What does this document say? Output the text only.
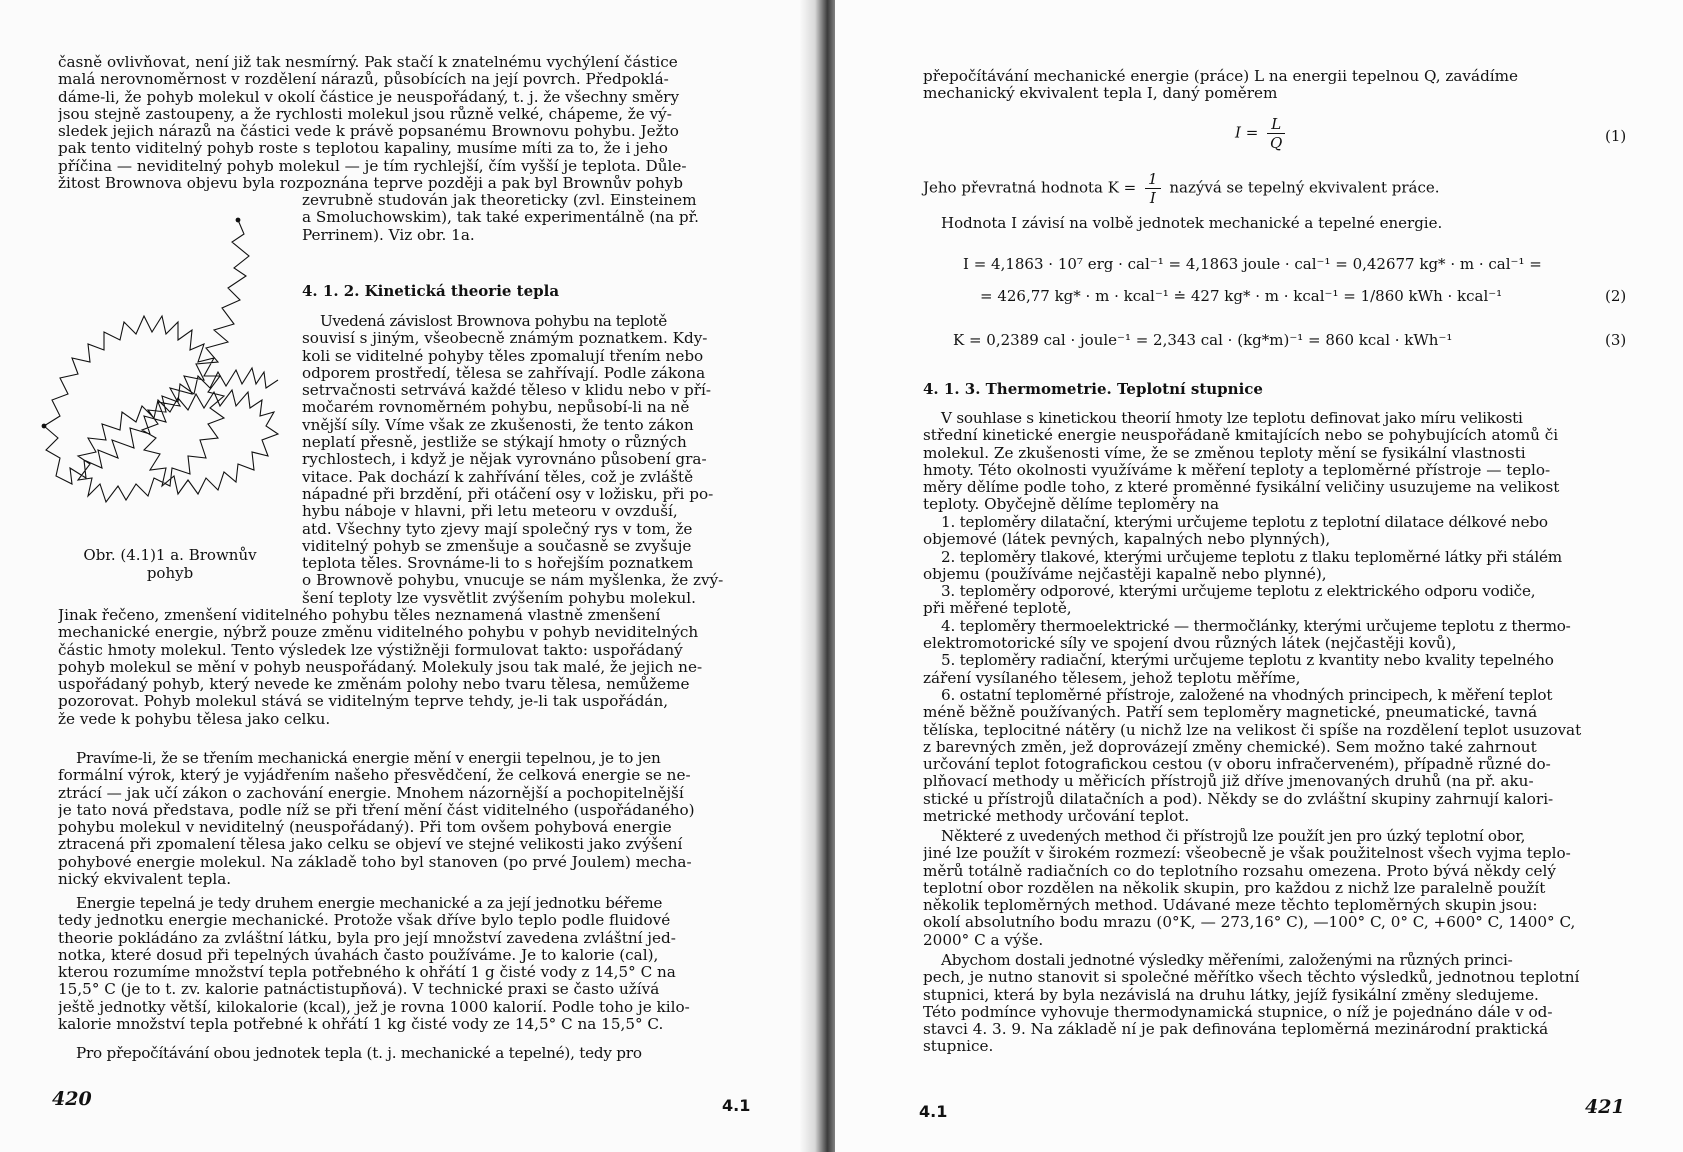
časně ovlivňovat, není již tak nesmírný. Pak stačí k znatelnému vychýlení částice
malá nerovnoměrnost v rozdělení nárazů, působících na její povrch. Předpoklá-
dáme-li, že pohyb molekul v okolí částice je neuspořádaný, t. j. že všechny směry
jsou stejně zastoupeny, a že rychlosti molekul jsou různě velké, chápeme, že vý-
sledek jejich nárazů na částici vede k právě popsanému Brownovu pohybu. Ježto
pak tento viditelný pohyb roste s teplotou kapaliny, musíme míti za to, že i jeho
příčina — neviditelný pohyb molekul — je tím rychlejší, čím vyšší je teplota. Důle-
žitost Brownova objevu byla rozpoznána teprve později a pak byl Brownův pohyb
zevrubně studován jak theoreticky (zvl. Einsteinem
a Smoluchowskim), tak také experimentálně (na př.
Perrinem). Viz obr. 1a.
Obr. (4.1)1 a. Brownův
pohyb
4. 1. 2. Kinetická theorie tepla
Uvedená závislost Brownova pohybu na teplotě
souvisí s jiným, všeobecně známým poznatkem. Kdy-
koli se viditelné pohyby těles zpomalují třením nebo
odporem prostředí, tělesa se zahřívají. Podle zákona
setrvačnosti setrvává každé těleso v klidu nebo v pří-
močarém rovnoměrném pohybu, nepůsobí-li na ně
vnější síly. Víme však ze zkušenosti, že tento zákon
neplatí přesně, jestliže se stýkají hmoty o různých
rychlostech, i když je nějak vyrovnáno působení gra-
vitace. Pak dochází k zahřívání těles, což je zvláště
nápadné při brzdění, při otáčení osy v ložisku, při po-
hybu náboje v hlavni, při letu meteoru v ovzduší,
atd. Všechny tyto zjevy mají společný rys v tom, že
viditelný pohyb se zmenšuje a současně se zvyšuje
teplota těles. Srovnáme-li to s hořejším poznatkem
o Brownově pohybu, vnucuje se nám myšlenka, že zvý-
šení teploty lze vysvětlit zvýšením pohybu molekul.
Jinak řečeno, zmenšení viditelného pohybu těles neznamená vlastně zmenšení
mechanické energie, nýbrž pouze změnu viditelného pohybu v pohyb neviditelných
částic hmoty molekul. Tento výsledek lze výstižněji formulovat takto: uspořádaný
pohyb molekul se mění v pohyb neuspořádaný. Molekuly jsou tak malé, že jejich ne-
uspořádaný pohyb, který nevede ke změnám polohy nebo tvaru tělesa, nemůžeme
pozorovat. Pohyb molekul stává se viditelným teprve tehdy, je-li tak uspořádán,
že vede k pohybu tělesa jako celku.
Pravíme-li, že se třením mechanická energie mění v energii tepelnou, je to jen
formální výrok, který je vyjádřením našeho přesvědčení, že celková energie se ne-
ztrácí — jak učí zákon o zachování energie. Mnohem názornější a pochopitelnější
je tato nová představa, podle níž se při tření mění část viditelného (uspořádaného)
pohybu molekul v neviditelný (neuspořádaný). Při tom ovšem pohybová energie
ztracená při zpomalení tělesa jako celku se objeví ve stejné velikosti jako zvýšení
pohybové energie molekul. Na základě toho byl stanoven (po prvé Joulem) mecha-
nický ekvivalent tepla.
Energie tepelná je tedy druhem energie mechanické a za její jednotku béřeme
tedy jednotku energie mechanické. Protože však dříve bylo teplo podle fluidové
theorie pokládáno za zvláštní látku, byla pro její množství zavedena zvláštní jed-
notka, které dosud při tepelných úvahách často používáme. Je to kalorie (cal),
kterou rozumíme množství tepla potřebného k ohřátí 1 g čisté vody z 14,5° C na
15,5° C (je to t. zv. kalorie patnáctistupňová). V technické praxi se často užívá
ještě jednotky větší, kilokalorie (kcal), jež je rovna 1000 kalorií. Podle toho je kilo-
kalorie množství tepla potřebné k ohřátí 1 kg čisté vody ze 14,5° C na 15,5° C.
Pro přepočítávání obou jednotek tepla (t. j. mechanické a tepelné), tedy pro
420	4.1
přepočítávání mechanické energie (práce) L na energii tepelnou Q, zavádíme
mechanický ekvivalent tepla I, daný poměrem
$I = \frac{L}{Q}$	(1)
Jeho převratná hodnota $K = \frac{1}{I}$ nazývá se tepelný ekvivalent práce.
Hodnota I závisí na volbě jednotek mechanické a tepelné energie.
I = 4,1863 · 10⁷ erg · cal⁻¹ = 4,1863 joule · cal⁻¹ = 0,42677 kg* · m · cal⁻¹ =
= 426,77 kg* · m · kcal⁻¹ ≐ 427 kg* · m · kcal⁻¹ = 1/860 kWh · kcal⁻¹	(2)
K = 0,2389 cal · joule⁻¹ = 2,343 cal · (kg*m)⁻¹ = 860 kcal · kWh⁻¹	(3)
4. 1. 3. Thermometrie. Teplotní stupnice
V souhlase s kinetickou theorií hmoty lze teplotu definovat jako míru velikosti
střední kinetické energie neuspořádaně kmitajících nebo se pohybujících atomů či
molekul. Ze zkušenosti víme, že se změnou teploty mění se fysikální vlastnosti
hmoty. Této okolnosti využíváme k měření teploty a teploměrné přístroje — teplo-
měry dělíme podle toho, z které proměnné fysikální veličiny usuzujeme na velikost
teploty. Obyčejně dělíme teploměry na
1. teploměry dilatační, kterými určujeme teplotu z teplotní dilatace délkové nebo
objemové (látek pevných, kapalných nebo plynných),
2. teploměry tlakové, kterými určujeme teplotu z tlaku teploměrné látky při stálém
objemu (používáme nejčastěji kapalně nebo plynné),
3. teploměry odporové, kterými určujeme teplotu z elektrického odporu vodiče,
při měřené teplotě,
4. teploměry thermoelektrické — thermočlánky, kterými určujeme teplotu z thermo-
elektromotorické síly ve spojení dvou různých látek (nejčastěji kovů),
5. teploměry radiační, kterými určujeme teplotu z kvantity nebo kvality tepelného
záření vysílaného tělesem, jehož teplotu měříme,
6. ostatní teploměrné přístroje, založené na vhodných principech, k měření teplot
méně běžně používaných. Patří sem teploměry magnetické, pneumatické, tavná
tělíska, teplocitné nátěry (u nichž lze na velikost či spíše na rozdělení teplot usuzovat
z barevných změn, jež doprovázejí změny chemické). Sem možno také zahrnout
určování teplot fotografickou cestou (v oboru infračerveném), případně různé do-
plňovací methody u měřicích přístrojů již dříve jmenovaných druhů (na př. aku-
stické u přístrojů dilatačních a pod). Někdy se do zvláštní skupiny zahrnují kalori-
metrické methody určování teplot.
Některé z uvedených method či přístrojů lze použít jen pro úzký teplotní obor,
jiné lze použít v širokém rozmezí: všeobecně je však použitelnost všech vyjma teplo-
měrů totálně radiačních co do teplotního rozsahu omezena. Proto bývá někdy celý
teplotní obor rozdělen na několik skupin, pro každou z nichž lze paralelně použít
několik teploměrných method. Udávané meze těchto teploměrných skupin jsou:
okolí absolutního bodu mrazu (0°K, — 273,16° C), —100° C, 0° C, +600° C, 1400° C,
2000° C a výše.
Abychom dostali jednotné výsledky měřeními, založenými na různých princi-
pech, je nutno stanovit si společné měřítko všech těchto výsledků, jednotnou teplotní
stupnici, která by byla nezávislá na druhu látky, jejíž fysikální změny sledujeme.
Této podmínce vyhovuje thermodynamická stupnice, o níž je pojednáno dále v od-
stavci 4. 3. 9. Na základě ní je pak definována teploměrná mezinárodní praktická
stupnice.
4.1	421
